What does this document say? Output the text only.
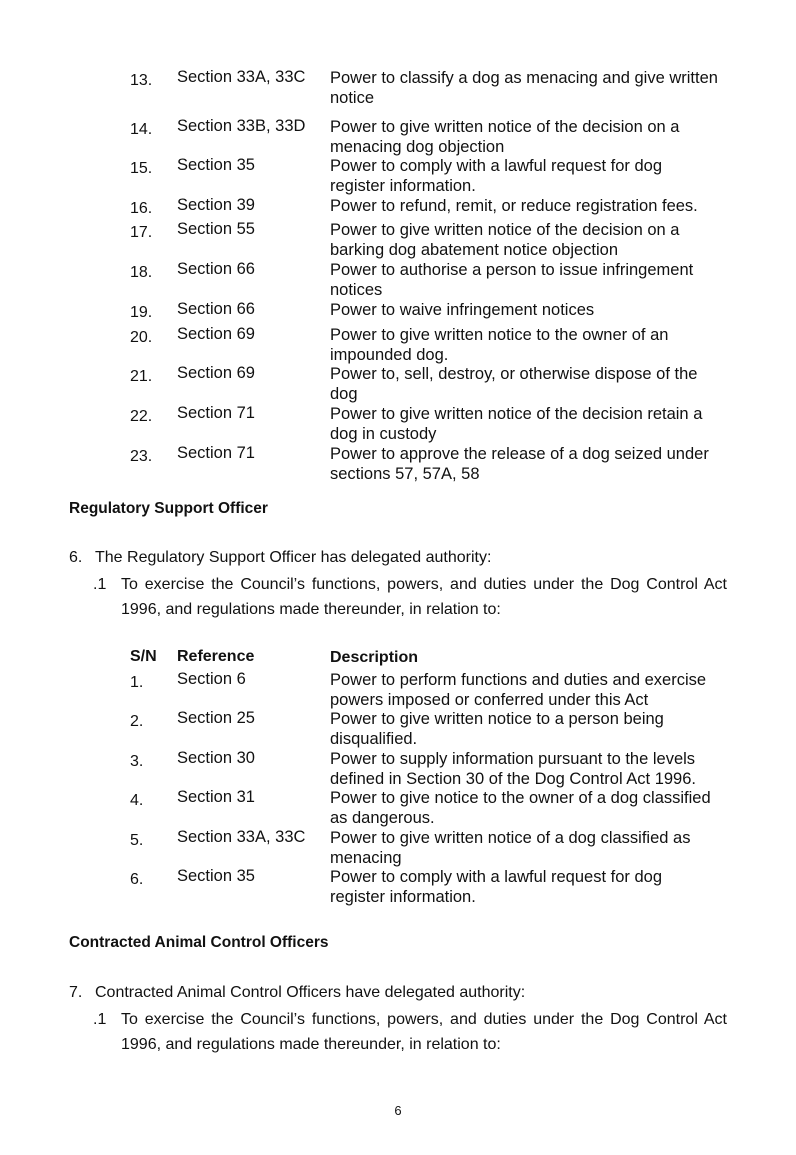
13. Section 33A, 33C Power to classify a dog as menacing and give written
notice
14. Section 33B, 33D Power to give written notice of the decision on a
menacing dog objection
15. Section 35	Power to comply with a lawful request for dog
register information.
16. Section 39	Power to refund, remit, or reduce registration fees.
17. Section 55	Power to give written notice of the decision on a
barking dog abatement notice objection
18. Section 66	Power to authorise a person to issue infringement
notices
19. Section 66	Power to waive infringement notices
20. Section 69	Power to give written notice to the owner of an
impounded dog.
21. Section 69	Power to, sell, destroy, or otherwise dispose of the
dog
22. Section 71	Power to give written notice of the decision retain a
dog in custody
23. Section 71	Power to approve the release of a dog seized under
sections 57, 57A, 58
Regulatory Support Officer
6. The Regulatory Support Officer has delegated authority:
.1 To exercise the Council’s functions, powers, and duties under the Dog Control Act 1996, and regulations made thereunder, in relation to:
S/N Reference	Description
1. Section 6	Power to perform functions and duties and exercise
powers imposed or conferred under this Act
2. Section 25	Power to give written notice to a person being
disqualified.
3. Section 30	Power to supply information pursuant to the levels
defined in Section 30 of the Dog Control Act 1996.
4. Section 31	Power to give notice to the owner of a dog classified
as dangerous.
5. Section 33A, 33C Power to give written notice of a dog classified as
menacing
6. Section 35	Power to comply with a lawful request for dog
register information.
Contracted Animal Control Officers
7. Contracted Animal Control Officers have delegated authority:
.1 To exercise the Council’s functions, powers, and duties under the Dog Control Act 1996, and regulations made thereunder, in relation to:
6
